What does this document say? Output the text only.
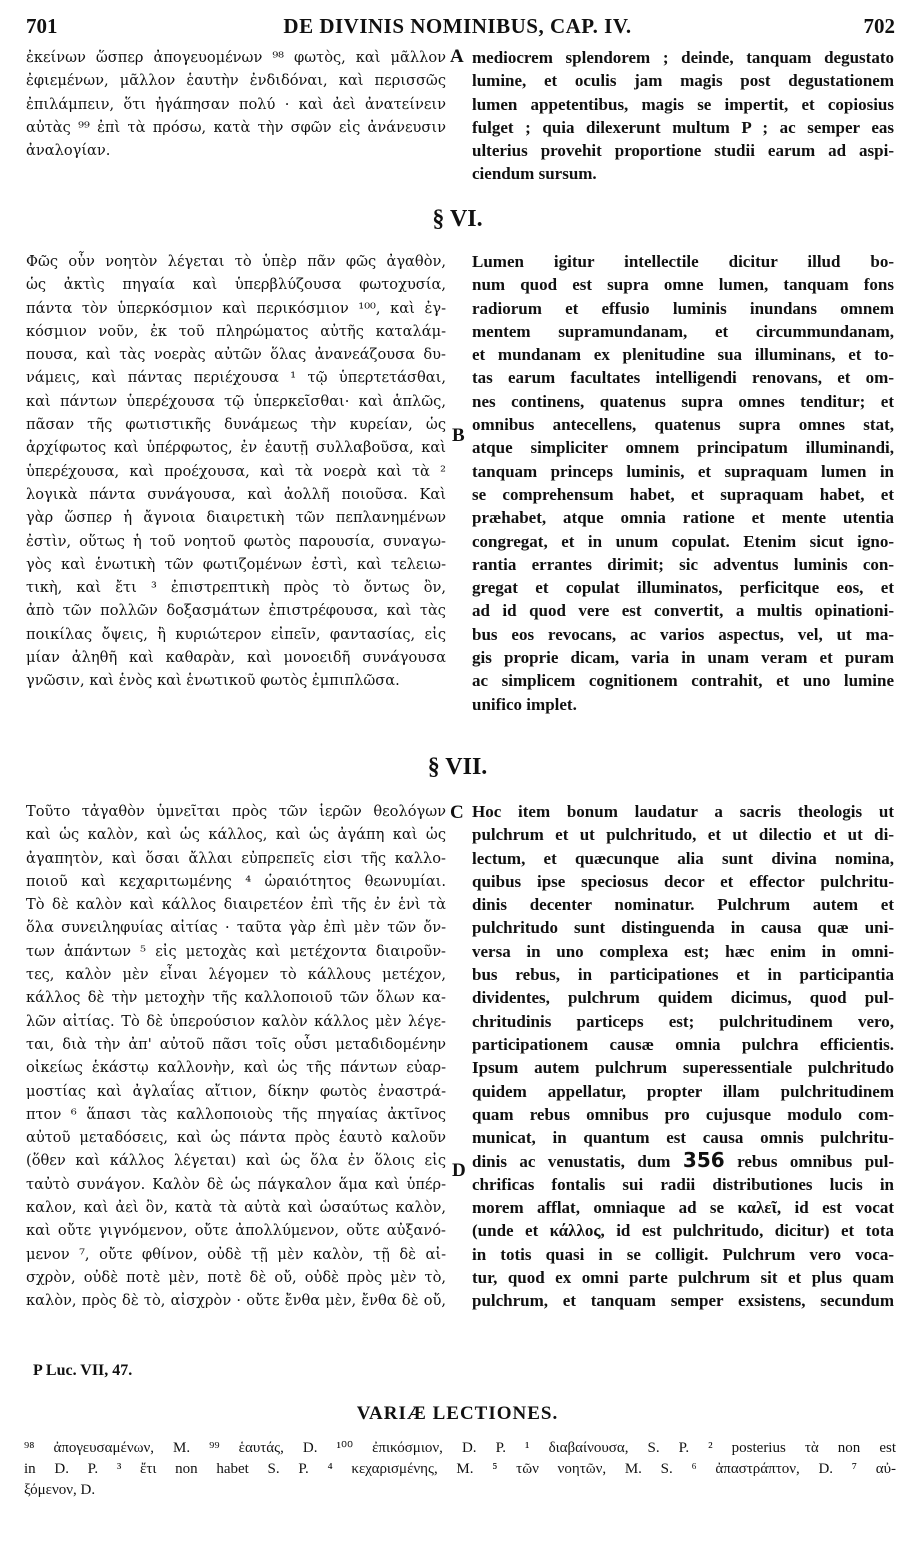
701	DE DIVINIS NOMINIBUS, CAP. IV.	702
ἐκείνων ὥσπερ ἀπογευομένων ⁹⁸ φωτὸς, καὶ μᾶλλον
ἐφιεμένων, μᾶλλον ἑαυτὴν ἐνδιδόναι, καὶ περισσῶς
ἐπιλάμπειν, ὅτι ἠγάπησαν πολύ · καὶ ἀεὶ ἀνατείνειν
αὐτὰς ⁹⁹ ἐπὶ τὰ πρόσω, κατὰ τὴν σφῶν εἰς ἀνάνευσιν
ἀναλογίαν.
A mediocrem splendorem ; deinde, tanquam degustato
lumine, et oculis jam magis post degustationem
lumen appetentibus, magis se impertit, et copiosius
fulget ; quia dilexerunt multum P ; ac semper eas
ulterius provehit proportione studii earum ad aspi-
ciendum sursum.
§ VI.
Φῶς οὖν νοητὸν λέγεται τὸ ὑπὲρ πᾶν φῶς ἀγαθὸν,
ὡς ἀκτὶς πηγαία καὶ ὑπερβλύζουσα φωτοχυσία,
πάντα τὸν ὑπερκόσμιον καὶ περικόσμιον ¹⁰⁰, καὶ ἐγ-
κόσμιον νοῦν, ἐκ τοῦ πληρώματος αὐτῆς καταλάμ-
πουσα, καὶ τὰς νοερὰς αὐτῶν ὅλας ἀνανεάζουσα δυ-
νάμεις, καὶ πάντας περιέχουσα ¹ τῷ ὑπερτετάσθαι,
καὶ πάντων ὑπερέχουσα τῷ ὑπερκεῖσθαι· καὶ ἁπλῶς,
πᾶσαν τῆς φωτιστικῆς δυνάμεως τὴν κυρείαν, ὡς
ἀρχίφωτος καὶ ὑπέρφωτος, ἐν ἑαυτῇ συλλαβοῦσα, καὶ
ὑπερέχουσα, καὶ προέχουσα, καὶ τὰ νοερὰ καὶ τὰ ²
λογικὰ πάντα συνάγουσα, καὶ ἀολλῆ ποιοῦσα. Καὶ
γὰρ ὥσπερ ἡ ἄγνοια διαιρετικὴ τῶν πεπλανημένων
ἐστὶν, οὕτως ἡ τοῦ νοητοῦ φωτὸς παρουσία, συναγω-
γὸς καὶ ἑνωτικὴ τῶν φωτιζομένων ἐστὶ, καὶ τελειω-
τικὴ, καὶ ἔτι ³ ἐπιστρεπτικὴ πρὸς τὸ ὄντως ὂν,
ἀπὸ τῶν πολλῶν δοξασμάτων ἐπιστρέφουσα, καὶ τὰς
ποικίλας ὄψεις, ἢ κυριώτερον εἰπεῖν, φαντασίας, εἰς
μίαν ἀληθῆ καὶ καθαρὰν, καὶ μονοειδῆ συνάγουσα
γνῶσιν, καὶ ἑνὸς καὶ ἑνωτικοῦ φωτὸς ἐμπιπλῶσα.
B
Lumen igitur intellectile dicitur illud bo-
num quod est supra omne lumen, tanquam fons
radiorum et effusio luminis inundans omnem
mentem supramundanam, et circummundanam,
et mundanam ex plenitudine sua illuminans, et to-
tas earum facultates intelligendi renovans, et om-
nes continens, quatenus supra omnes tenditur; et
omnibus antecellens, quatenus supra omnes stat,
atque simpliciter omnem principatum illuminandi,
tanquam princeps luminis, et supraquam lumen in
se comprehensum habet, et supraquam habet, et
præhabet, atque omnia ratione et mente utentia
congregat, et in unum copulat. Etenim sicut igno-
rantia errantes dirimit; sic adventus luminis con-
gregat et copulat illuminatos, perficitque eos, et
ad id quod vere est convertit, a multis opinationi-
bus eos revocans, ac varios aspectus, vel, ut ma-
gis proprie dicam, varia in unam veram et puram
ac simplicem cognitionem contrahit, et uno lumine
unifico implet.
§ VII.
Τοῦτο τἀγαθὸν ὑμνεῖται πρὸς τῶν ἱερῶν θεολόγων
καὶ ὡς καλὸν, καὶ ὡς κάλλος, καὶ ὡς ἀγάπη καὶ ὡς
ἀγαπητὸν, καὶ ὅσαι ἄλλαι εὐπρεπεῖς εἰσι τῆς καλλο-
ποιοῦ καὶ κεχαριτωμένης ⁴ ὡραιότητος θεωνυμίαι.
Τὸ δὲ καλὸν καὶ κάλλος διαιρετέον ἐπὶ τῆς ἐν ἑνὶ τὰ
ὅλα συνειληφυίας αἰτίας · ταῦτα γὰρ ἐπὶ μὲν τῶν ὄν-
των ἁπάντων ⁵ εἰς μετοχὰς καὶ μετέχοντα διαιροῦν-
τες, καλὸν μὲν εἶναι λέγομεν τὸ κάλλους μετέχον,
κάλλος δὲ τὴν μετοχὴν τῆς καλλοποιοῦ τῶν ὅλων κα-
λῶν αἰτίας. Τὸ δὲ ὑπερούσιον καλὸν κάλλος μὲν λέγε-
ται, διὰ τὴν ἀπ' αὐτοῦ πᾶσι τοῖς οὖσι μεταδιδομένην
οἰκείως ἑκάστῳ καλλονὴν, καὶ ὡς τῆς πάντων εὐαρ-
μοστίας καὶ ἀγλαΐας αἴτιον, δίκην φωτὸς ἐναστρά-
πτον ⁶ ἅπασι τὰς καλλοποιοὺς τῆς πηγαίας ἀκτῖνος
αὐτοῦ μεταδόσεις, καὶ ὡς πάντα πρὸς ἑαυτὸ καλοῦν
(ὅθεν καὶ κάλλος λέγεται) καὶ ὡς ὅλα ἐν ὅλοις εἰς
ταὐτὸ συνάγον. Καλὸν δὲ ὡς πάγκαλον ἅμα καὶ ὑπέρ-
καλον, καὶ ἀεὶ ὂν, κατὰ τὰ αὐτὰ καὶ ὡσαύτως καλὸν,
καὶ οὔτε γιγνόμενον, οὔτε ἀπολλύμενον, οὔτε αὐξανό-
μενον ⁷, οὔτε φθίνον, οὐδὲ τῇ μὲν καλὸν, τῇ δὲ αἰ-
σχρὸν, οὐδὲ ποτὲ μὲν, ποτὲ δὲ οὔ, οὐδὲ πρὸς μὲν τὸ,
καλὸν, πρὸς δὲ τὸ, αἰσχρὸν · οὔτε ἔνθα μὲν, ἔνθα δὲ οὔ,
C
D
Hoc item bonum laudatur a sacris theologis ut
pulchrum et ut pulchritudo, et ut dilectio et ut di-
lectum, et quæcunque alia sunt divina nomina,
quibus ipse speciosus decor et effector pulchritu-
dinis decenter nominatur. Pulchrum autem et
pulchritudo sunt distinguenda in causa quæ uni-
versa in uno complexa est; hæc enim in omni-
bus rebus, in participationes et in participantia
dividentes, pulchrum quidem dicimus, quod pul-
chritudinis particeps est; pulchritudinem vero,
participationem causæ omnia pulchra efficientis.
Ipsum autem pulchrum superessentiale pulchritudo
quidem appellatur, propter illam pulchritudinem
quam rebus omnibus pro cujusque modulo com-
municat, in quantum est causa omnis pulchritu-
dinis ac venustatis, dum 356 rebus omnibus pul-
chrificas fontalis sui radii distributiones lucis in
morem afflat, omniaque ad se καλεῖ, id est vocat
(unde et κάλλος, id est pulchritudo, dicitur) et tota
in totis quasi in se colligit. Pulchrum vero voca-
tur, quod ex omni parte pulchrum sit et plus quam
pulchrum, et tanquam semper exsistens, secundum
P Luc. VII, 47.
VARIÆ LECTIONES.
⁹⁸ ἀπογευσαμένων, M. ⁹⁹ ἑαυτάς, D. ¹⁰⁰ ἐπικόσμιον, D. P. ¹ διαβαίνουσα, S. P. ² posterius τὰ non est
in D. P. ³ ἔτι non habet S. P. ⁴ κεχαρισμένης, M. ⁵ τῶν νοητῶν, M. S. ⁶ ἀπαστράπτον, D. ⁷ αὐ-
ξόμενον, D.
